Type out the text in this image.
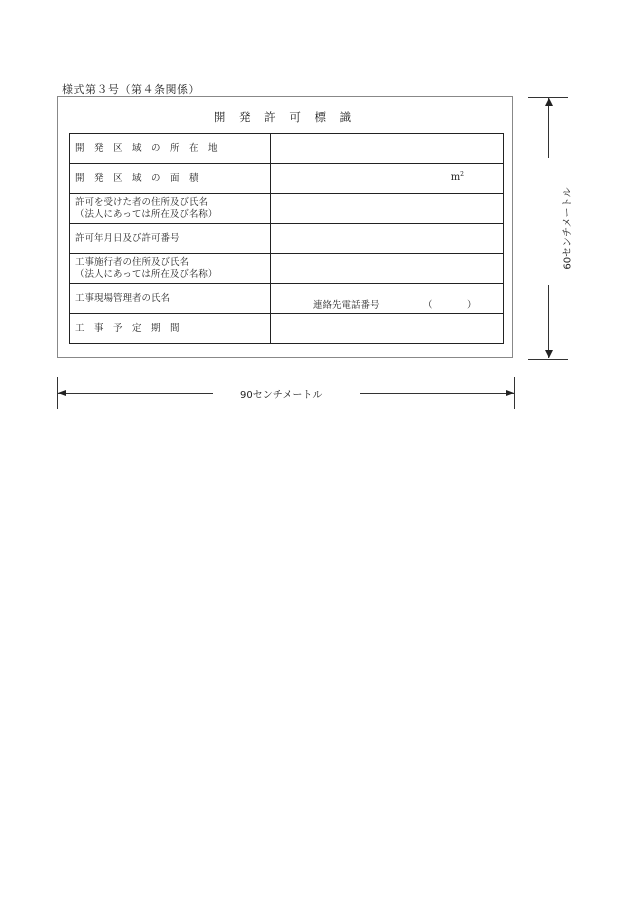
様式第３号（第４条関係）
開 発 許 可 標 識
開　発　区　域　の　所　在　地	

開　発　区　域　の　面　積	$m^2$

許可を受けた者の住所及び氏名
（法人にあっては所在及び名称）	

許可年月日及び許可番号	

工事施行者の住所及び氏名
（法人にあっては所在及び名称）	

工事現場管理者の氏名	連絡先電話番号 （ ）

工　事　予　定　期　間	

90センチメートル
60センチメートル
